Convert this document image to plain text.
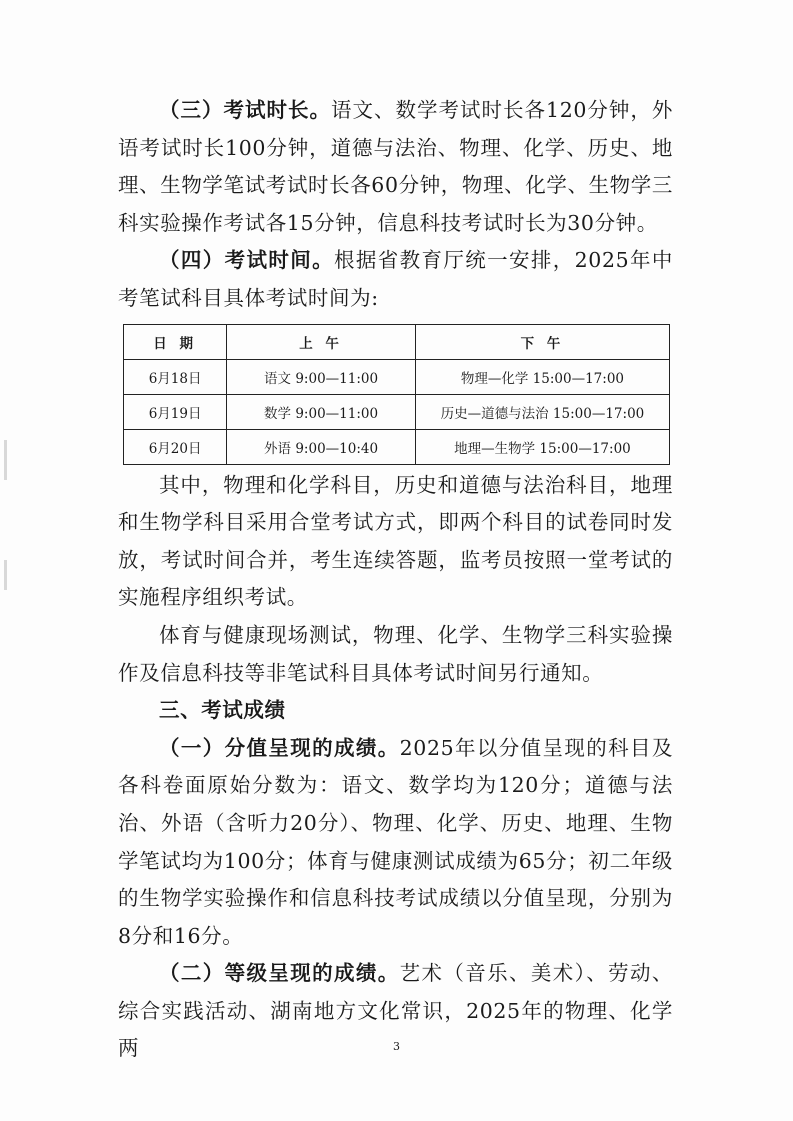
（三）考试时长。语文、数学考试时长各120分钟，外语考试时长100分钟，道德与法治、物理、化学、历史、地理、生物学笔试考试时长各60分钟，物理、化学、生物学三科实验操作考试各15分钟，信息科技考试时长为30分钟。

（四）考试时间。根据省教育厅统一安排，2025年中考笔试科目具体考试时间为:

日 期	上 午	下 午
6月18日	语文 9:00—11:00	物理—化学 15:00—17:00
6月19日	数学 9:00—11:00	历史—道德与法治 15:00—17:00
6月20日	外语 9:00—10:40	地理—生物学 15:00—17:00

其中，物理和化学科目，历史和道德与法治科目，地理和生物学科目采用合堂考试方式，即两个科目的试卷同时发放，考试时间合并，考生连续答题，监考员按照一堂考试的实施程序组织考试。

体育与健康现场测试，物理、化学、生物学三科实验操作及信息科技等非笔试科目具体考试时间另行通知。

三、考试成绩

（一）分值呈现的成绩。2025年以分值呈现的科目及各科卷面原始分数为：语文、数学均为120分；道德与法治、外语（含听力20分）、物理、化学、历史、地理、生物学笔试均为100分；体育与健康测试成绩为65分；初二年级的生物学实验操作和信息科技考试成绩以分值呈现，分别为8分和16分。

（二）等级呈现的成绩。艺术（音乐、美术）、劳动、综合实践活动、湖南地方文化常识，2025年的物理、化学两	3
